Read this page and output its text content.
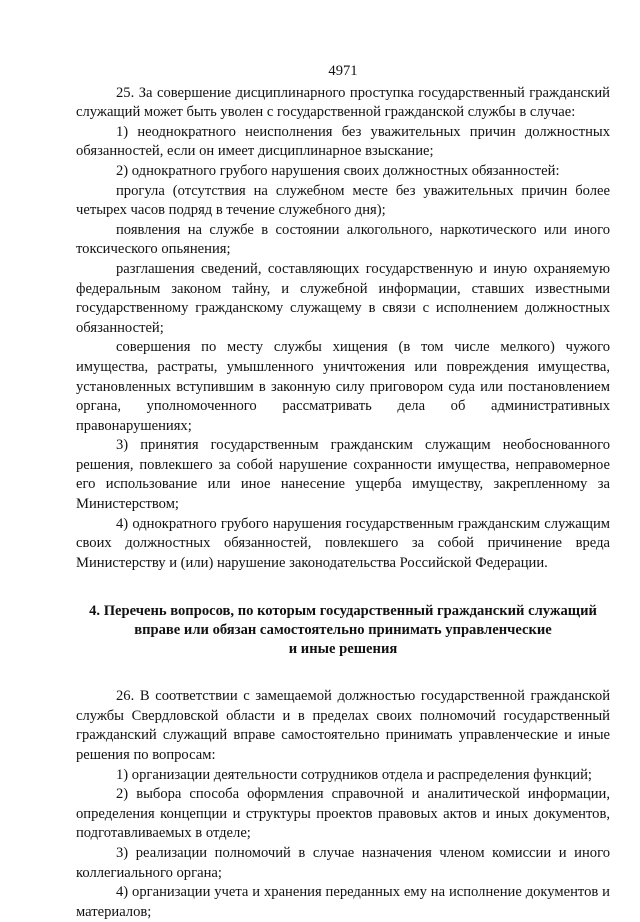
4971

25. За совершение дисциплинарного проступка государственный гражданский служащий может быть уволен с государственной гражданской службы в случае:

1) неоднократного неисполнения без уважительных причин должностных обязанностей, если он имеет дисциплинарное взыскание;

2) однократного грубого нарушения своих должностных обязанностей:

прогула (отсутствия на служебном месте без уважительных причин более четырех часов подряд в течение служебного дня);

появления на службе в состоянии алкогольного, наркотического или иного токсического опьянения;

разглашения сведений, составляющих государственную и иную охраняемую федеральным законом тайну, и служебной информации, ставших известными государственному гражданскому служащему в связи с исполнением должностных обязанностей;

совершения по месту службы хищения (в том числе мелкого) чужого имущества, растраты, умышленного уничтожения или повреждения имущества, установленных вступившим в законную силу приговором суда или постановлением органа, уполномоченного рассматривать дела об административных правонарушениях;

3) принятия государственным гражданским служащим необоснованного решения, повлекшего за собой нарушение сохранности имущества, неправомерное его использование или иное нанесение ущерба имуществу, закрепленному за Министерством;

4) однократного грубого нарушения государственным гражданским служащим своих должностных обязанностей, повлекшего за собой причинение вреда Министерству и (или) нарушение законодательства Российской Федерации.

4. Перечень вопросов, по которым государственный гражданский служащий
вправе или обязан самостоятельно принимать управленческие
и иные решения

26. В соответствии с замещаемой должностью государственной гражданской службы Свердловской области и в пределах своих полномочий государственный гражданский служащий вправе самостоятельно принимать управленческие и иные решения по вопросам:

1) организации деятельности сотрудников отдела и распределения функций;

2) выбора способа оформления справочной и аналитической информации, определения концепции и структуры проектов правовых актов и иных документов, подготавливаемых в отделе;

3) реализации полномочий в случае назначения членом комиссии и иного коллегиального органа;

4) организации учета и хранения переданных ему на исполнение документов и материалов;
